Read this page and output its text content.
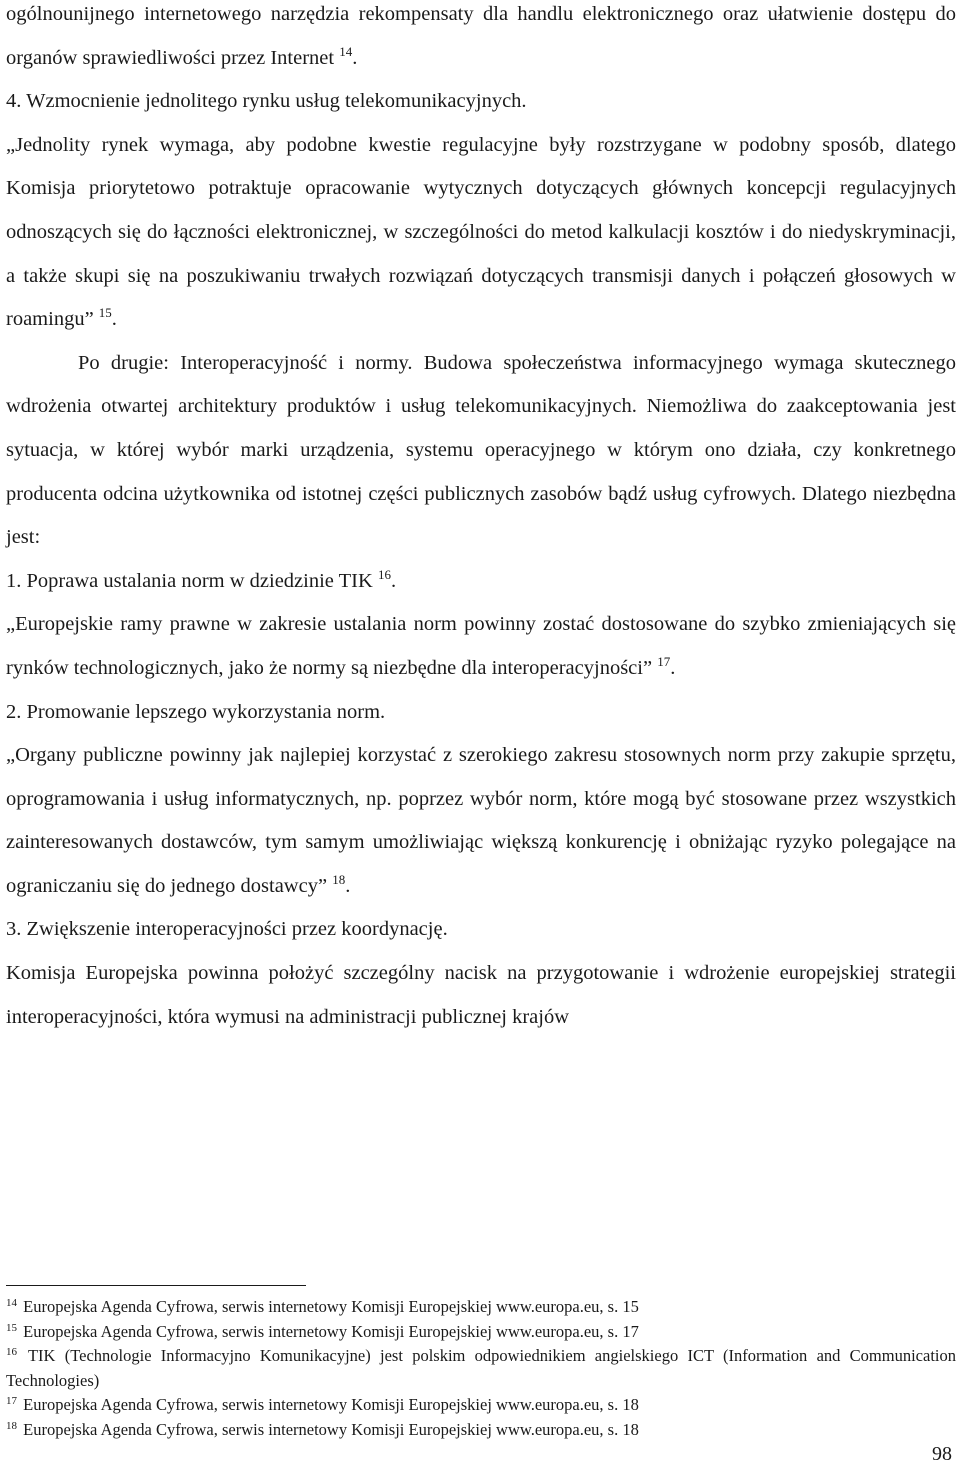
ogólnounijnego internetowego narzędzia rekompensaty dla handlu elektronicznego oraz ułatwienie dostępu do organów sprawiedliwości przez Internet $^{14}$.

4. Wzmocnienie jednolitego rynku usług telekomunikacyjnych.

„Jednolity rynek wymaga, aby podobne kwestie regulacyjne były rozstrzygane w podobny sposób, dlatego Komisja priorytetowo potraktuje opracowanie wytycznych dotyczących głównych koncepcji regulacyjnych odnoszących się do łączności elektronicznej, w szczególności do metod kalkulacji kosztów i do niedyskryminacji, a także skupi się na poszukiwaniu trwałych rozwiązań dotyczących transmisji danych i połączeń głosowych w roamingu” $^{15}$.

Po drugie: Interoperacyjność i normy. Budowa społeczeństwa informacyjnego wymaga skutecznego wdrożenia otwartej architektury produktów i usług telekomunikacyjnych. Niemożliwa do zaakceptowania jest sytuacja, w której wybór marki urządzenia, systemu operacyjnego w którym ono działa, czy konkretnego producenta odcina użytkownika od istotnej części publicznych zasobów bądź usług cyfrowych. Dlatego niezbędna jest:

1. Poprawa ustalania norm w dziedzinie TIK $^{16}$.

„Europejskie ramy prawne w zakresie ustalania norm powinny zostać dostosowane do szybko zmieniających się rynków technologicznych, jako że normy są niezbędne dla interoperacyjności” $^{17}$.

2. Promowanie lepszego wykorzystania norm.

„Organy publiczne powinny jak najlepiej korzystać z szerokiego zakresu stosownych norm przy zakupie sprzętu, oprogramowania i usług informatycznych, np. poprzez wybór norm, które mogą być stosowane przez wszystkich zainteresowanych dostawców, tym samym umożliwiając większą konkurencję i obniżając ryzyko polegające na ograniczaniu się do jednego dostawcy” $^{18}$.

3. Zwiększenie interoperacyjności przez koordynację.

Komisja Europejska powinna położyć szczególny nacisk na przygotowanie i wdrożenie europejskiej strategii interoperacyjności, która wymusi na administracji publicznej krajów

$^{14}$ Europejska Agenda Cyfrowa, serwis internetowy Komisji Europejskiej www.europa.eu, s. 15

$^{15}$ Europejska Agenda Cyfrowa, serwis internetowy Komisji Europejskiej www.europa.eu, s. 17

$^{16}$ TIK (Technologie Informacyjno Komunikacyjne) jest polskim odpowiednikiem angielskiego ICT (Information and Communication Technologies)

$^{17}$ Europejska Agenda Cyfrowa, serwis internetowy Komisji Europejskiej www.europa.eu, s. 18

$^{18}$ Europejska Agenda Cyfrowa, serwis internetowy Komisji Europejskiej www.europa.eu, s. 18

98
